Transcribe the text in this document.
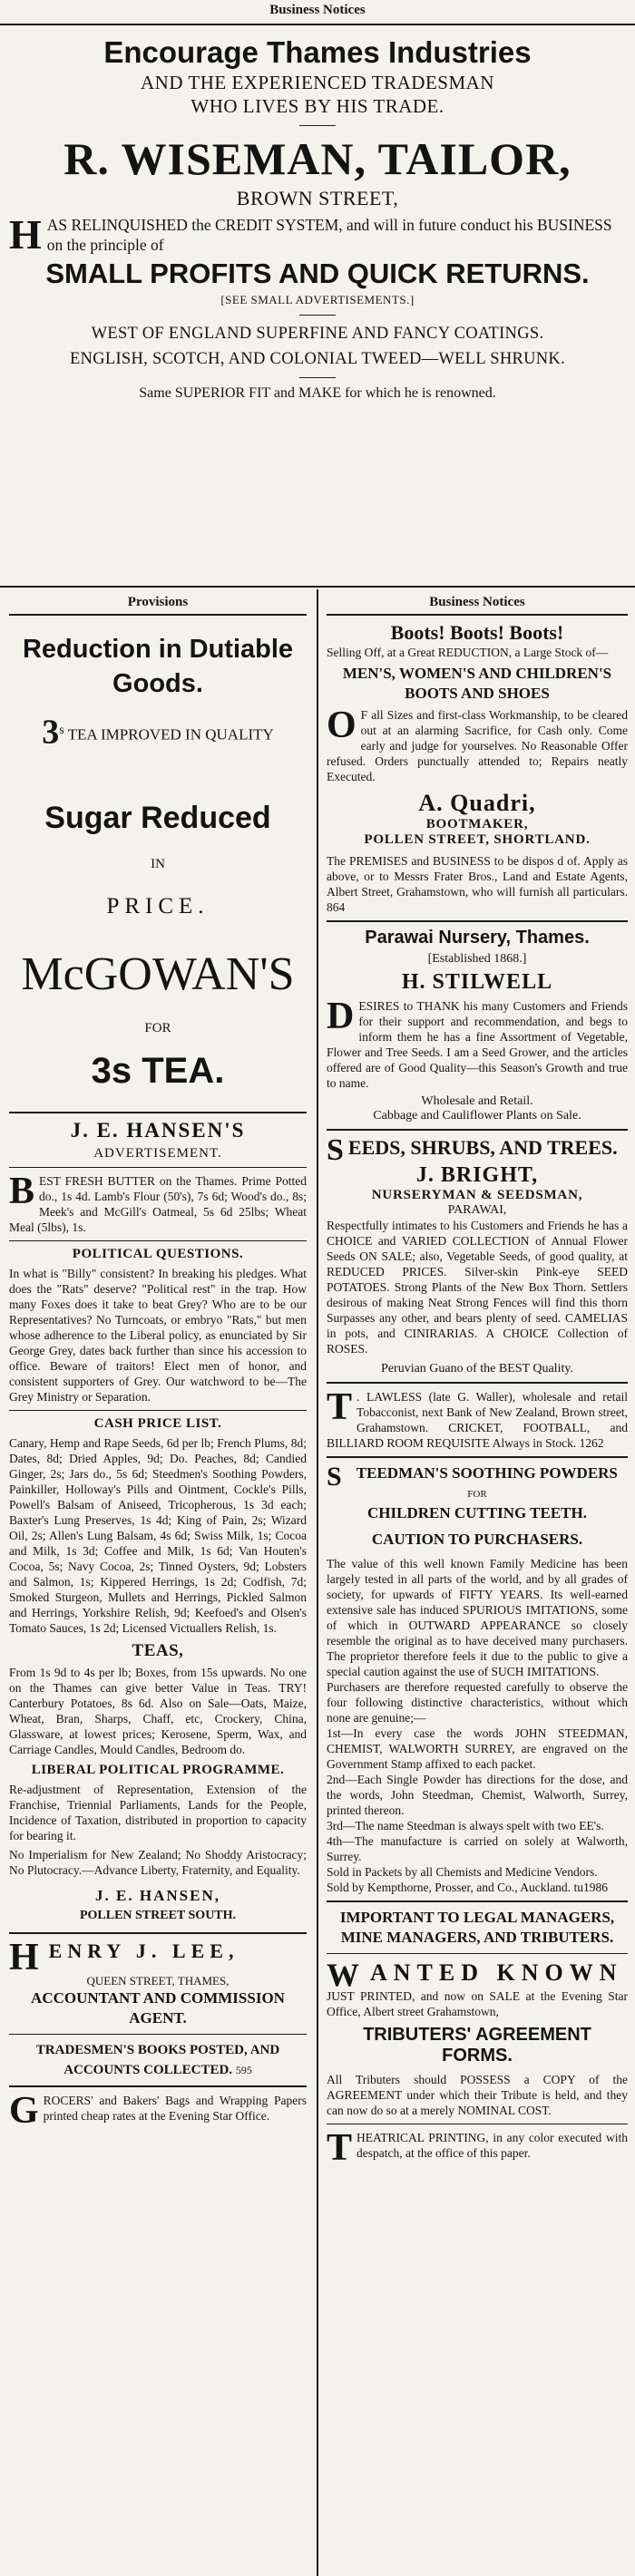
Business Notices
Encourage Thames Industries
AND THE EXPERIENCED TRADESMAN
WHO LIVES BY HIS TRADE.
R. WISEMAN, TAILOR,
BROWN STREET,
H AS RELINQUISHED the CREDIT SYSTEM, and will in future conduct his BUSINESS on the principle of
SMALL PROFITS AND QUICK RETURNS.
[SEE SMALL ADVERTISEMENTS.]
WEST OF ENGLAND SUPERFINE AND FANCY COATINGS.
ENGLISH, SCOTCH, AND COLONIAL TWEED—WELL SHRUNK.
Same SUPERIOR FIT and MAKE for which he is renowned.
Provisions
Reduction in Dutiable Goods.
3$^s$ TEA IMPROVED IN QUALITY
Sugar Reduced
IN
PRICE.
McGOWAN'S
FOR
3s TEA.
J. E. HANSEN'S
ADVERTISEMENT.
BEST FRESH BUTTER on the Thames. Prime Potted do., 1s 4d. Lamb's Flour (50's), 7s 6d; Wood's do., 8s; Meek's and McGill's Oatmeal, 5s 6d 25lbs; Wheat Meal (5lbs), 1s.
POLITICAL QUESTIONS.
In what is "Billy" consistent? In breaking his pledges. What does the "Rats" deserve? "Political rest" in the trap. How many Foxes does it take to beat Grey? Who are to be our Representatives? No Turncoats, or embryo "Rats," but men whose adherence to the Liberal policy, as enunciated by Sir George Grey, dates back further than since his accession to office. Beware of traitors! Elect men of honor, and consistent supporters of Grey. Our watchword to be—The Grey Ministry or Separation.
CASH PRICE LIST.
Canary, Hemp and Rape Seeds, 6d per lb; French Plums, 8d; Dates, 8d; Dried Apples, 9d; Do. Peaches, 8d; Candied Ginger, 2s; Jars do., 5s 6d; Steedmen's Soothing Powders, Painkiller, Holloway's Pills and Ointment, Cockle's Pills, Powell's Balsam of Aniseed, Tricopherous, 1s 3d each; Baxter's Lung Preserves, 1s 4d; King of Pain, 2s; Wizard Oil, 2s; Allen's Lung Balsam, 4s 6d; Swiss Milk, 1s; Cocoa and Milk, 1s 3d; Coffee and Milk, 1s 6d; Van Houten's Cocoa, 5s; Navy Cocoa, 2s; Tinned Oysters, 9d; Lobsters and Salmon, 1s; Kippered Herrings, 1s 2d; Codfish, 7d; Smoked Sturgeon, Mullets and Herrings, Pickled Salmon and Herrings, Yorkshire Relish, 9d; Keefoed's and Olsen's Tomato Sauces, 1s 2d; Licensed Victuallers Relish, 1s.
TEAS,
From 1s 9d to 4s per lb; Boxes, from 15s upwards. No one on the Thames can give better Value in Teas. TRY! Canterbury Potatoes, 8s 6d. Also on Sale—Oats, Maize, Wheat, Bran, Sharps, Chaff, etc, Crockery, China, Glassware, at lowest prices; Kerosene, Sperm, Wax, and Carriage Candles, Mould Candles, Bedroom do.
LIBERAL POLITICAL PROGRAMME.
Re-adjustment of Representation, Extension of the Franchise, Triennial Parliaments, Lands for the People, Incidence of Taxation, distributed in proportion to capacity for bearing it.
No Imperialism for New Zealand; No Shoddy Aristocracy; No Plutocracy.—Advance Liberty, Fraternity, and Equality.
J. E. HANSEN,
POLLEN STREET SOUTH.
HENRY J. LEE,
QUEEN STREET, THAMES,
ACCOUNTANT AND COMMISSION AGENT.
TRADESMEN'S BOOKS POSTED, AND ACCOUNTS COLLECTED. 595
GROCERS' and Bakers' Bags and Wrapping Papers printed cheap rates at the Evening Star Office.
Business Notices
Boots! Boots! Boots!
Selling Off, at a Great REDUCTION, a Large Stock of—
MEN'S, WOMEN'S AND CHILDREN'S BOOTS AND SHOES
O F all Sizes and first-class Workmanship, to be cleared out at an alarming Sacrifice, for Cash only. Come early and judge for yourselves. No Reasonable Offer refused. Orders punctually attended to; Repairs neatly Executed.
A. Quadri,
BOOTMAKER,
POLLEN STREET, SHORTLAND.
The PREMISES and BUSINESS to be dispos d of. Apply as above, or to Messrs Frater Bros., Land and Estate Agents, Albert Street, Grahamstown, who will furnish all particulars. 864
Parawai Nursery, Thames.
[Established 1868.]
H. STILWELL
DESIRES to THANK his many Customers and Friends for their support and recommendation, and begs to inform them he has a fine Assortment of Vegetable, Flower and Tree Seeds. I am a Seed Grower, and the articles offered are of Good Quality—this Season's Growth and true to name.
Wholesale and Retail.
Cabbage and Cauliflower Plants on Sale.
SEEDS, SHRUBS, AND TREES.
J. BRIGHT,
NURSERYMAN & SEEDSMAN,
PARAWAI,
Respectfully intimates to his Customers and Friends he has a CHOICE and VARIED COLLECTION of Annual Flower Seeds ON SALE; also, Vegetable Seeds, of good quality, at REDUCED PRICES. Silver-skin Pink-eye SEED POTATOES. Strong Plants of the New Box Thorn. Settlers desirous of making Neat Strong Fences will find this thorn Surpasses any other, and bears plenty of seed. CAMELIAS in pots, and CINIRARIAS. A CHOICE Collection of ROSES.
Peruvian Guano of the BEST Quality.
T . LAWLESS (late G. Waller), wholesale and retail Tobacconist, next Bank of New Zealand, Brown street, Grahamstown. CRICKET, FOOTBALL, and BILLIARD ROOM REQUISITE Always in Stock. 1262
STEEDMAN'S SOOTHING POWDERS
FOR
CHILDREN CUTTING TEETH.
CAUTION TO PURCHASERS.
The value of this well known Family Medicine has been largely tested in all parts of the world, and by all grades of society, for upwards of FIFTY YEARS. Its well-earned extensive sale has induced SPURIOUS IMITATIONS, some of which in OUTWARD APPEARANCE so closely resemble the original as to have deceived many purchasers. The proprietor therefore feels it due to the public to give a special caution against the use of SUCH IMITATIONS.
Purchasers are therefore requested carefully to observe the four following distinctive characteristics, without which none are genuine;—
1st—In every case the words JOHN STEEDMAN, CHEMIST, WALWORTH SURREY, are engraved on the Government Stamp affixed to each packet.
2nd—Each Single Powder has directions for the dose, and the words, John Steedman, Chemist, Walworth, Surrey, printed thereon.
3rd—The name Steedman is always spelt with two EE's.
4th—The manufacture is carried on solely at Walworth, Surrey.
Sold in Packets by all Chemists and Medicine Vendors.
Sold by Kempthorne, Prosser, and Co., Auckland. tu1986
IMPORTANT TO LEGAL MANAGERS, MINE MANAGERS, AND TRIBUTERS.
W ANTED KNOWN
JUST PRINTED, and now on SALE at the Evening Star Office, Albert street Grahamstown,
TRIBUTERS' AGREEMENT FORMS.
All Tributers should POSSESS a COPY of the AGREEMENT under which their Tribute is held, and they can now do so at a merely NOMINAL COST.
THEATRICAL PRINTING, in any color executed with despatch, at the office of this paper.
